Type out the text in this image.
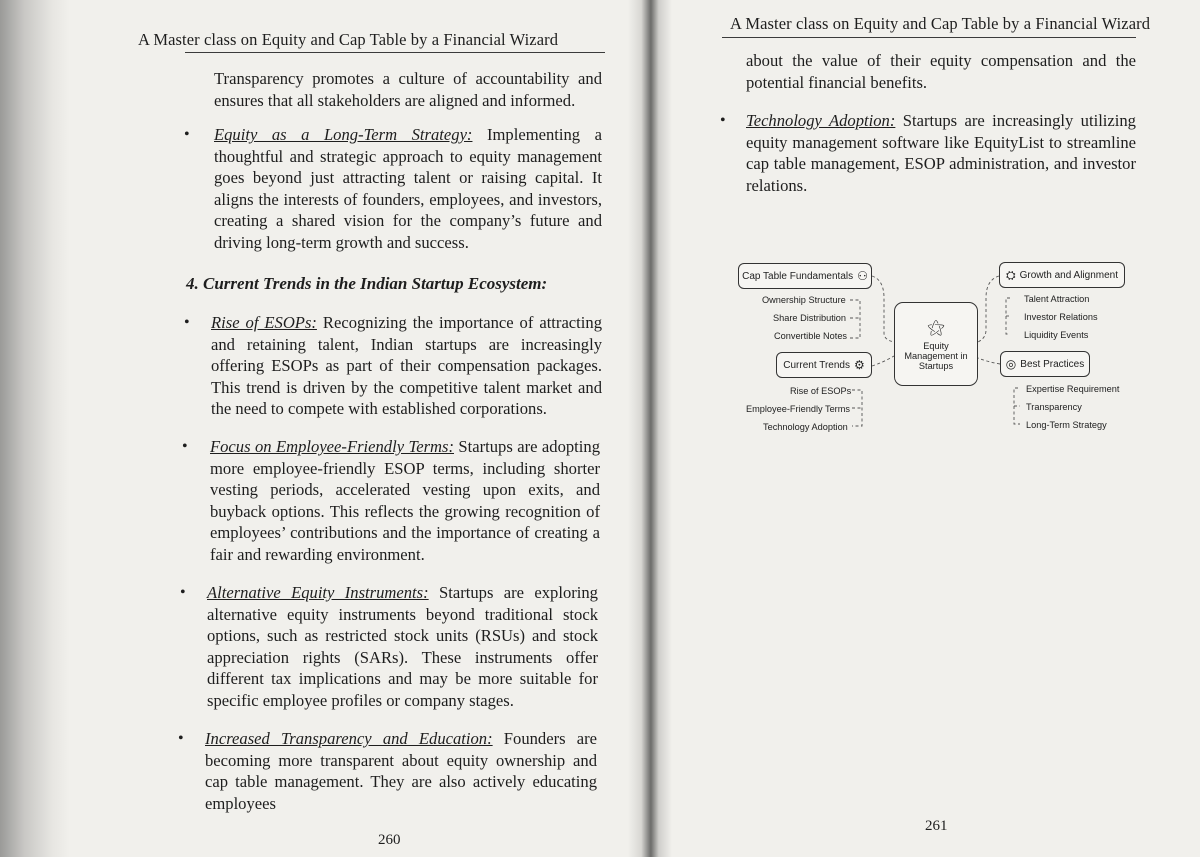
A Master class on Equity and Cap Table by a Financial Wizard

Transparency promotes a culture of accountability and ensures that all stakeholders are aligned and informed.

• Equity as a Long-Term Strategy: Implementing a thoughtful and strategic approach to equity management goes beyond just attracting talent or raising capital. It aligns the interests of founders, employees, and investors, creating a shared vision for the company’s future and driving long-term growth and success.

4. Current Trends in the Indian Startup Ecosystem:
• Rise of ESOPs: Recognizing the importance of attracting and retaining talent, Indian startups are increasingly offering ESOPs as part of their compensation packages. This trend is driven by the competitive talent market and the need to compete with established corporations.

• Focus on Employee-Friendly Terms: Startups are adopting more employee-friendly ESOP terms, including shorter vesting periods, accelerated vesting upon exits, and buyback options. This reflects the growing recognition of employees’ contributions and the importance of creating a fair and rewarding environment.

• Alternative Equity Instruments: Startups are exploring alternative equity instruments beyond traditional stock options, such as restricted stock units (RSUs) and stock appreciation rights (SARs). These instruments offer different tax implications and may be more suitable for specific employee profiles or company stages.

• Increased Transparency and Education: Founders are becoming more transparent about equity ownership and cap table management. They are also actively educating employees

260
A Master class on Equity and Cap Table by a Financial Wizard

about the value of their equity compensation and the potential financial benefits.

• Technology Adoption: Startups are increasingly utilizing equity management software like EquityList to streamline cap table management, ESOP administration, and investor relations.

Cap Table Fundamentals ⚇
Ownership Structure
Share Distribution
Convertible Notes
Current Trends ⚙
Rise of ESOPs
Employee-Friendly Terms
Technology Adoption
⚝
Equity Management in Startups
⛭ Growth and Alignment
Talent Attraction
Investor Relations
Liquidity Events
◎ Best Practices
Expertise Requirement
Transparency
Long-Term Strategy
261
